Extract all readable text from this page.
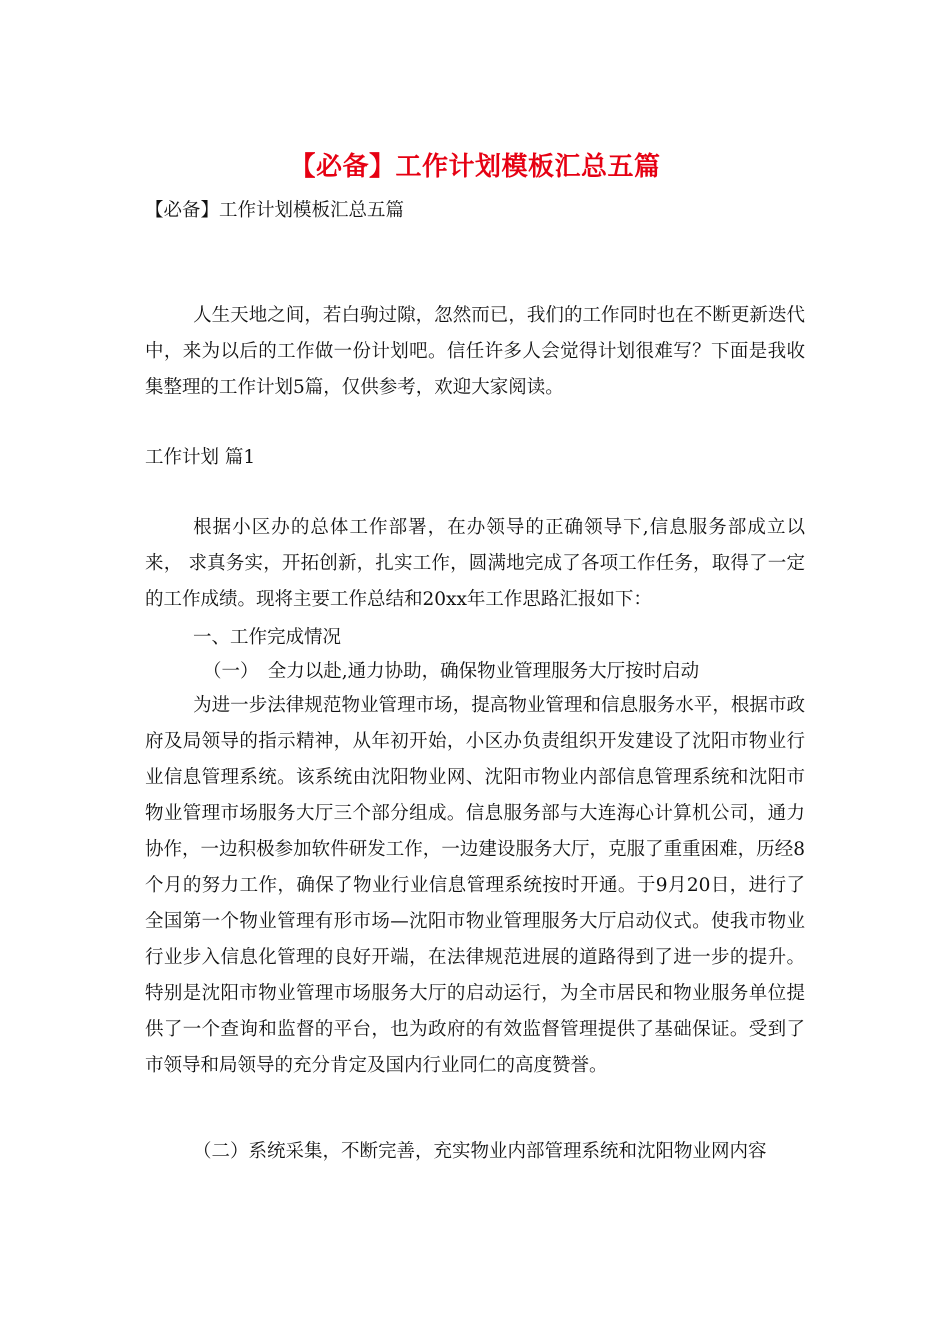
【必备】工作计划模板汇总五篇
【必备】工作计划模板汇总五篇

人生天地之间，若白驹过隙，忽然而已，我们的工作同时也在不断更新迭代中，来为以后的工作做一份计划吧。信任许多人会觉得计划很难写？下面是我收集整理的工作计划5篇，仅供参考，欢迎大家阅读。

工作计划 篇1

根据小区办的总体工作部署，在办领导的正确领导下,信息服务部成立以来， 求真务实，开拓创新，扎实工作，圆满地完成了各项工作任务，取得了一定的工作成绩。现将主要工作总结和20xx年工作思路汇报如下：

一、工作完成情况
（一）　全力以赴,通力协助，确保物业管理服务大厅按时启动

为进一步法律规范物业管理市场，提高物业管理和信息服务水平，根据市政府及局领导的指示精神，从年初开始，小区办负责组织开发建设了沈阳市物业行业信息管理系统。该系统由沈阳物业网、沈阳市物业内部信息管理系统和沈阳市物业管理市场服务大厅三个部分组成。信息服务部与大连海心计算机公司，通力协作，一边积极参加软件研发工作，一边建设服务大厅，克服了重重困难，历经8个月的努力工作，确保了物业行业信息管理系统按时开通。于9月20日，进行了全国第一个物业管理有形市场—沈阳市物业管理服务大厅启动仪式。使我市物业行业步入信息化管理的良好开端，在法律规范进展的道路得到了进一步的提升。特别是沈阳市物业管理市场服务大厅的启动运行，为全市居民和物业服务单位提供了一个查询和监督的平台，也为政府的有效监督管理提供了基础保证。受到了市领导和局领导的充分肯定及国内行业同仁的高度赞誉。

（二）系统采集，不断完善，充实物业内部管理系统和沈阳物业网内容
